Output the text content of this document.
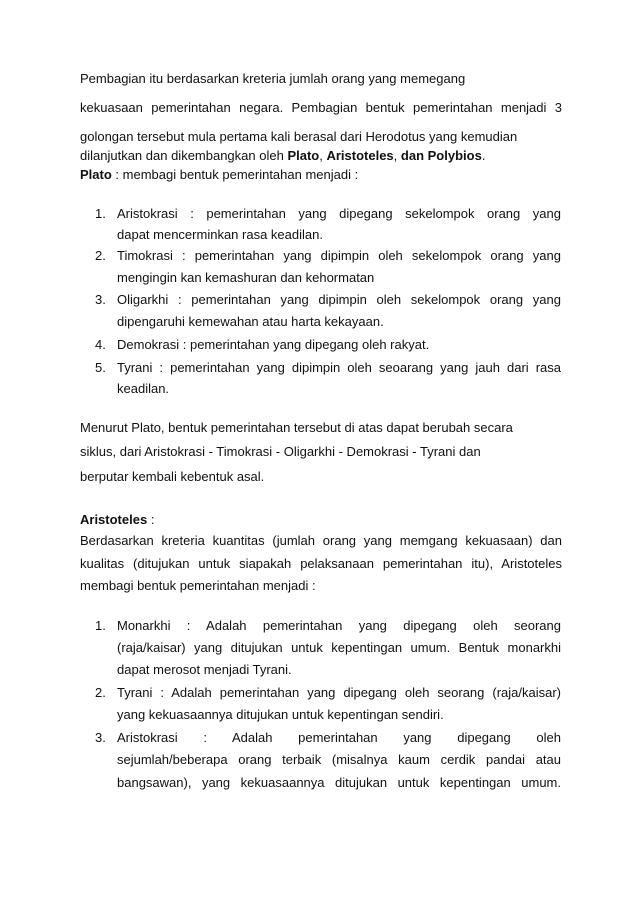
Pembagian itu berdasarkan kreteria jumlah orang yang memegang
kekuasaan pemerintahan negara. Pembagian bentuk pemerintahan menjadi 3
golongan tersebut mula pertama kali berasal dari Herodotus yang kemudian
dilanjutkan dan dikembangkan oleh Plato, Aristoteles, dan Polybios.
Plato : membagi bentuk pemerintahan menjadi :
1. Aristokrasi : pemerintahan yang dipegang sekelompok orang yang
dapat mencerminkan rasa keadilan.
2. Timokrasi : pemerintahan yang dipimpin oleh sekelompok orang yang
mengingin kan kemashuran dan kehormatan
3. Oligarkhi : pemerintahan yang dipimpin oleh sekelompok orang yang
dipengaruhi kemewahan atau harta kekayaan.
4. Demokrasi : pemerintahan yang dipegang oleh rakyat.
5. Tyrani : pemerintahan yang dipimpin oleh seoarang yang jauh dari rasa
keadilan.
Menurut Plato, bentuk pemerintahan tersebut di atas dapat berubah secara
siklus, dari Aristokrasi - Timokrasi - Oligarkhi - Demokrasi - Tyrani dan
berputar kembali kebentuk asal.
Aristoteles :
Berdasarkan kreteria kuantitas (jumlah orang yang memgang kekuasaan) dan
kualitas (ditujukan untuk siapakah pelaksanaan pemerintahan itu), Aristoteles
membagi bentuk pemerintahan menjadi :
1. Monarkhi : Adalah pemerintahan yang dipegang oleh seorang
(raja/kaisar) yang ditujukan untuk kepentingan umum. Bentuk monarkhi
dapat merosot menjadi Tyrani.
2. Tyrani : Adalah pemerintahan yang dipegang oleh seorang (raja/kaisar)
yang kekuasaannya ditujukan untuk kepentingan sendiri.
3. Aristokrasi : Adalah pemerintahan yang dipegang oleh
sejumlah/beberapa orang terbaik (misalnya kaum cerdik pandai atau
bangsawan), yang kekuasaannya ditujukan untuk kepentingan umum.
